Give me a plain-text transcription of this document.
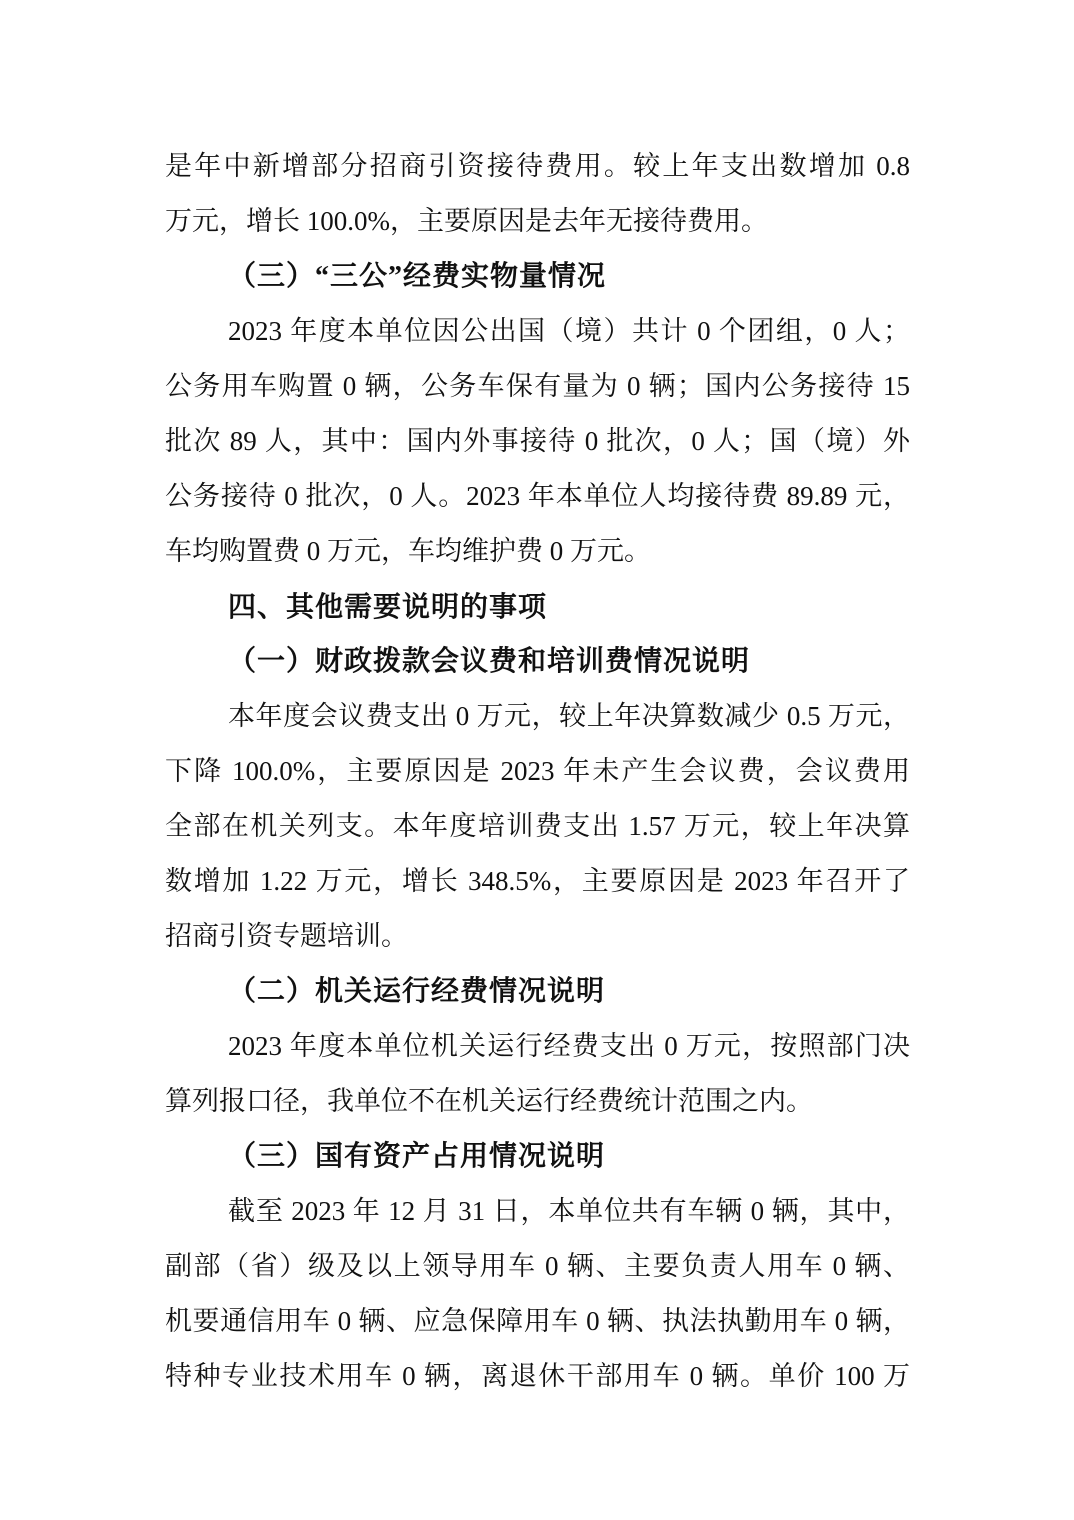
是年中新增部分招商引资接待费用。较上年支出数增加 0.8
万元，增长 100.0%，主要原因是去年无接待费用。
（三）“三公”经费实物量情况
2023 年度本单位因公出国（境）共计 0 个团组，0 人；
公务用车购置 0 辆，公务车保有量为 0 辆；国内公务接待 15
批次 89 人，其中：国内外事接待 0 批次，0 人；国（境）外
公务接待 0 批次，0 人。2023 年本单位人均接待费 89.89 元，
车均购置费 0 万元，车均维护费 0 万元。
四、其他需要说明的事项
（一）财政拨款会议费和培训费情况说明
本年度会议费支出 0 万元，较上年决算数减少 0.5 万元，
下降 100.0%，主要原因是 2023 年未产生会议费，会议费用
全部在机关列支。本年度培训费支出 1.57 万元，较上年决算
数增加 1.22 万元，增长 348.5%，主要原因是 2023 年召开了
招商引资专题培训。
（二）机关运行经费情况说明
2023 年度本单位机关运行经费支出 0 万元，按照部门决
算列报口径，我单位不在机关运行经费统计范围之内。
（三）国有资产占用情况说明
截至 2023 年 12 月 31 日，本单位共有车辆 0 辆，其中，
副部（省）级及以上领导用车 0 辆、主要负责人用车 0 辆、
机要通信用车 0 辆、应急保障用车 0 辆、执法执勤用车 0 辆，
特种专业技术用车 0 辆，离退休干部用车 0 辆。单价 100 万
